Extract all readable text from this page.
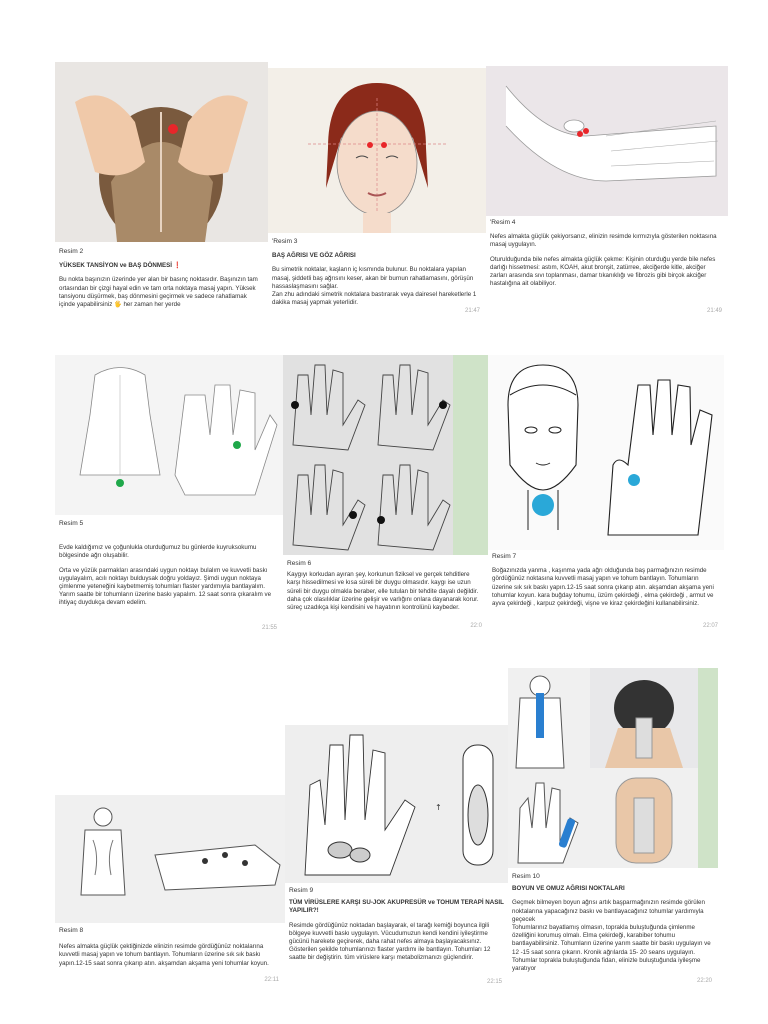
Resim 2

YÜKSEK TANSİYON ve BAŞ DÖNMESİ ❗

Bu nokta başınızın üzerinde yer alan bir basınç noktasıdır. Başınızın tam ortasından bir çizgi hayal edin ve tam orta noktaya masaj yapın. Yüksek tansiyonu düşürmek, baş dönmesini geçirmek ve sadece rahatlamak içinde yapabilirsiniz 🖐 her zaman her yerde

'Resim 3

BAŞ AĞRISI VE GÖZ AĞRISI

Bu simetrik noktalar, kaşların iç kısmında bulunur. Bu noktalara yapılan masaj, şiddetli baş ağrısını keser, akan bir burnun rahatlamasını, görüşün hassaslaşmasını sağlar.

Zan zhu adındaki simetrik noktalara bastırarak veya dairesel hareketlerle 1 dakika masaj yapmak yeterlidir.

21:47

'Resim 4

Nefes almakta güçlük çekiyorsanız, elinizin resimde kırmızıyla gösterilen noktasına masaj uygulayın.

Oturulduğunda bile nefes almakta güçlük çekme: Kişinin oturduğu yerde bile nefes darlığı hissetmesi: astım, KOAH, akut bronşit, zatürree, akciğerde kitle, akciğer zarları arasında sıvı toplanması, damar tıkanıklığı ve fibrozis gibi birçok akciğer hastalığına ait olabiliyor.

21:49

Resim 5

Evde kaldığımız ve çoğunlukla oturduğumuz bu günlerde kuyruksokumu bölgesinde ağrı oluşabilir.

Orta ve yüzük parmakları arasındaki uygun noktayı bulalım ve kuvvetli baskı uygulayalım, acılı noktayı bulduysak doğru yoldayız. Şimdi uygun noktaya çimlenme yeteneğini kaybetmemiş tohumları flaster yardımıyla bantlayalım. Yarım saatte bir tohumların üzerine baskı yapalım. 12 saat sonra çıkaralım ve ihtiyaç duydukça devam edelim.

21:55

Resim 6

Kaygıyı korkudan ayıran şey, korkunun fiziksel ve gerçek tehditlere karşı hissedilmesi ve kısa süreli bir duygu olmasıdır. kaygı ise uzun süreli bir duygu olmakla beraber, elle tutulan bir tehdite dayalı değildir. daha çok olasılıklar üzerine gelişir ve varlığını onlara dayanarak korur. süreç uzadıkça kişi kendisini ve hayatının kontrolünü kaybeder.

22:0

Resim 7

Boğazınızda yanma , kaşınma yada ağrı olduğunda baş parmağınızın resimde gördüğünüz noktasına kuvvetli masaj yapın ve tohum bantlayın. Tohumların üzerine sık sık baskı yapın.12-15 saat sonra çıkarıp atın. akşamdan akşama yeni tohumlar koyun. kara buğday tohumu, üzüm çekirdeği , elma çekirdeği , armut ve ayva çekirdeği , karpuz çekirdeği, vişne ve kiraz çekirdeğini kullanabilirsiniz.

22:07

Resim 8

Nefes almakta güçlük çektiğinizde elinizin resimde gördüğünüz noktalarına kuvvetli masaj yapın ve tohum bantlayın. Tohumların üzerine sık sık baskı yapın.12-15 saat sonra çıkarıp atın. akşamdan akşama yeni tohumlar koyun.

22:11
↑

Resim 9

TÜM VİRÜSLERE KARŞI SU-JOK AKUPRESÜR ve TOHUM TERAPİ NASIL YAPILIR?!

Resimde gördüğünüz noktadan başlayarak, el tarağı kemiği boyunca ilgili bölgeye kuvvetli baskı uygulayın. Vücudumuzun kendi kendini iyileştirme gücünü harekete geçirerek, daha rahat nefes almaya başlayacaksınız. Gösterilen şekilde tohumlarınızı flaster yardımı ile bantlayın. Tohumları 12 saatte bir değiştirin. tüm virüslere karşı metabolizmanızı güçlendirir.

22:15

Resim 10

BOYUN VE OMUZ AĞRISI NOKTALARI

Geçmek bilmeyen boyun ağrısı artık başparmağınızın resimde görülen noktalarına yapacağınız baskı ve bantlayacağınız tohumlar yardımıyla geçecek

Tohumlarınız bayatlamış olmasın, toprakla buluştuğunda çimlenme özelliğini korumuş olmalı. Elma çekirdeği, karabiber tohumu bantlayabilirsiniz. Tohumların üzerine yarım saatte bir baskı uygulayın ve 12 -15 saat sonra çıkarın. Kronik ağrılarda 15- 20 seans uygulayın. Tohumlar toprakla buluştuğunda fidan, elinizle buluştuğunda iyileşme yaratıyor

22:20
